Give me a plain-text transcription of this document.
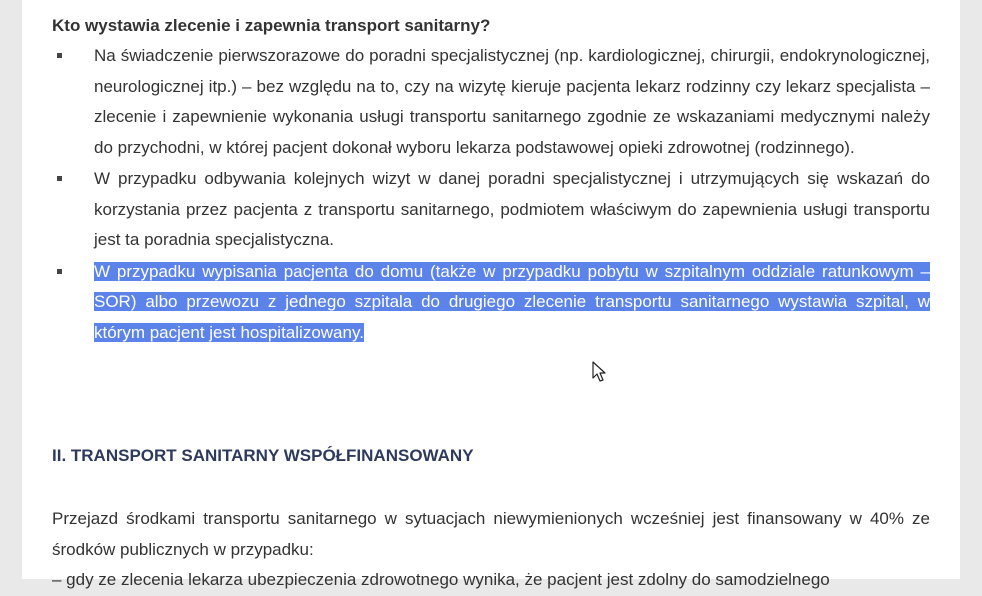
Kto wystawia zlecenie i zapewnia transport sanitarny?
Na świadczenie pierwszorazowe do poradni specjalistycznej (np. kardiologicznej, chirurgii, endokrynologicznej, neurologicznej itp.) – bez względu na to, czy na wizytę kieruje pacjenta lekarz rodzinny czy lekarz specjalista – zlecenie i zapewnienie wykonania usługi transportu sanitarnego zgodnie ze wskazaniami medycznymi należy do przychodni, w której pacjent dokonał wyboru lekarza podstawowej opieki zdrowotnej (rodzinnego).
W przypadku odbywania kolejnych wizyt w danej poradni specjalistycznej i utrzymujących się wskazań do korzystania przez pacjenta z transportu sanitarnego, podmiotem właściwym do zapewnienia usługi transportu jest ta poradnia specjalistyczna.
W przypadku wypisania pacjenta do domu (także w przypadku pobytu w szpitalnym oddziale ratunkowym – SOR) albo przewozu z jednego szpitala do drugiego zlecenie transportu sanitarnego wystawia szpital, w którym pacjent jest hospitalizowany.
II. TRANSPORT SANITARNY WSPÓŁFINANSOWANY

Przejazd środkami transportu sanitarnego w sytuacjach niewymienionych wcześniej jest finansowany w 40% ze środków publicznych w przypadku:
– gdy ze zlecenia lekarza ubezpieczenia zdrowotnego wynika, że pacjent jest zdolny do samodzielnego
